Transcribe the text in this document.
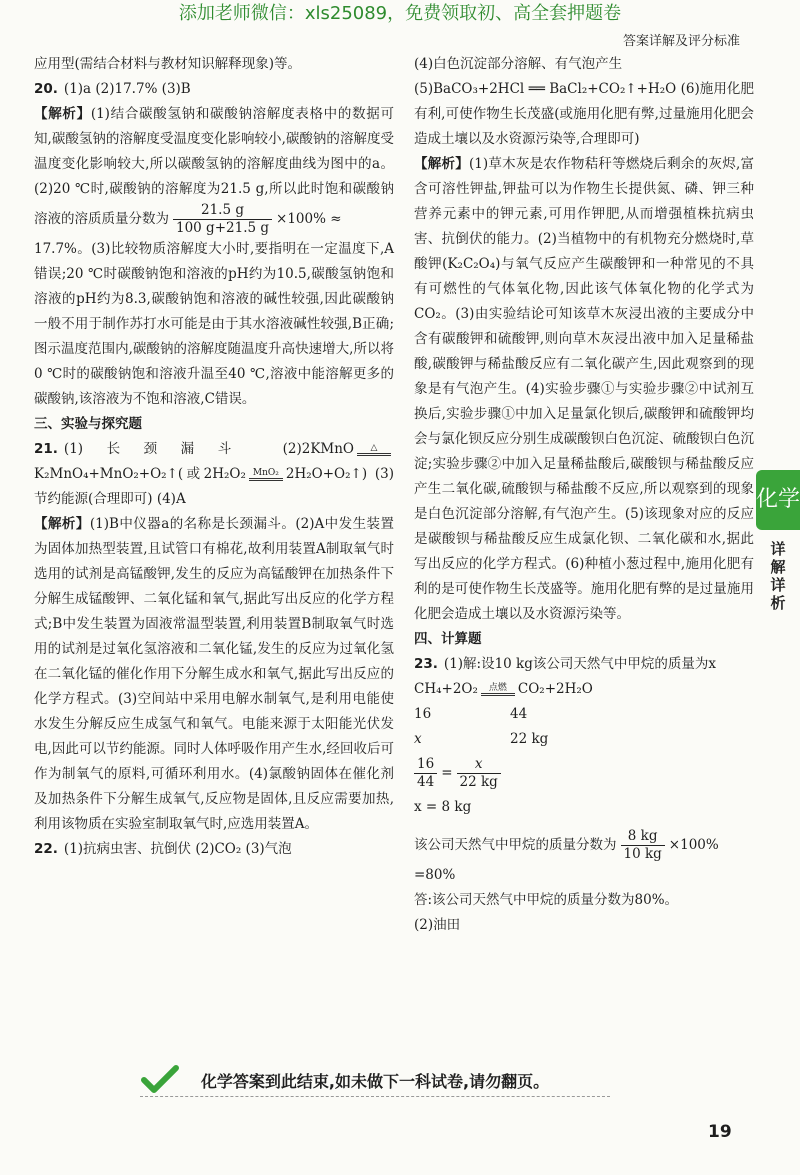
添加老师微信：xls25089，免费领取初、高全套押题卷
答案详解及评分标准

应用型(需结合材料与教材知识解释现象)等。

20. (1)a (2)17.7% (3)B

【解析】(1)结合碳酸氢钠和碳酸钠溶解度表格中的数据可知,碳酸氢钠的溶解度受温度变化影响较小,碳酸钠的溶解度受温度变化影响较大,所以碳酸氢钠的溶解度曲线为图中的a。(2)20 ℃时,碳酸钠的溶解度为21.5 g,所以此时饱和碳酸钠溶液的溶质质量分数为 $\frac{21.5 g}{100 g+21.5 g} \times 100\%$ ≈

17.7%。(3)比较物质溶解度大小时,要指明在一定温度下,A错误;20 ℃时碳酸钠饱和溶液的pH约为10.5,碳酸氢钠饱和溶液的pH约为8.3,碳酸钠饱和溶液的碱性较强,因此碳酸钠一般不用于制作苏打水可能是由于其水溶液碱性较强,B正确;图示温度范围内,碳酸钠的溶解度随温度升高快速增大,所以将0 ℃时的碳酸钠饱和溶液升温至40 ℃,溶液中能溶解更多的碳酸钠,该溶液为不饱和溶液,C错误。

三、实验与探究题

21. (1)长颈漏斗 (2)2KMnO	△
K₂MnO₄+MnO₂+O₂↑(或2H₂O₂ MnO₂ 2H₂O+O₂↑) (3)节约能源(合理即可) (4)A

【解析】(1)B中仪器a的名称是长颈漏斗。(2)A中发生装置为固体加热型装置,且试管口有棉花,故利用装置A制取氧气时选用的试剂是高锰酸钾,发生的反应为高锰酸钾在加热条件下分解生成锰酸钾、二氧化锰和氧气,据此写出反应的化学方程式;B中发生装置为固液常温型装置,利用装置B制取氧气时选用的试剂是过氧化氢溶液和二氧化锰,发生的反应为过氧化氢在二氧化锰的催化作用下分解生成水和氧气,据此写出反应的化学方程式。(3)空间站中采用电解水制氧气,是利用电能使水发生分解反应生成氢气和氧气。电能来源于太阳能光伏发电,因此可以节约能源。同时人体呼吸作用产生水,经回收后可作为制氧气的原料,可循环利用水。(4)氯酸钠固体在催化剂及加热条件下分解生成氧气,反应物是固体,且反应需要加热,利用该物质在实验室制取氧气时,应选用装置A。

22. (1)抗病虫害、抗倒伏 (2)CO₂ (3)气泡

(4)白色沉淀部分溶解、有气泡产生

(5)BaCO₃+2HCl ══ BaCl₂+CO₂↑+H₂O (6)施用化肥有利,可使作物生长茂盛(或施用化肥有弊,过量施用化肥会造成土壤以及水资源污染等,合理即可)

【解析】(1)草木灰是农作物秸秆等燃烧后剩余的灰烬,富含可溶性钾盐,钾盐可以为作物生长提供氮、磷、钾三种营养元素中的钾元素,可用作钾肥,从而增强植株抗病虫害、抗倒伏的能力。(2)当植物中的有机物充分燃烧时,草酸钾(K₂C₂O₄)与氧气反应产生碳酸钾和一种常见的不具有可燃性的气体氧化物,因此该气体氧化物的化学式为CO₂。(3)由实验结论可知该草木灰浸出液的主要成分中含有碳酸钾和硫酸钾,则向草木灰浸出液中加入足量稀盐酸,碳酸钾与稀盐酸反应有二氧化碳产生,因此观察到的现象是有气泡产生。(4)实验步骤①与实验步骤②中试剂互换后,实验步骤①中加入足量氯化钡后,碳酸钾和硫酸钾均会与氯化钡反应分别生成碳酸钡白色沉淀、硫酸钡白色沉淀;实验步骤②中加入足量稀盐酸后,碳酸钡与稀盐酸反应产生二氧化碳,硫酸钡与稀盐酸不反应,所以观察到的现象是白色沉淀部分溶解,有气泡产生。(5)该现象对应的反应是碳酸钡与稀盐酸反应生成氯化钡、二氧化碳和水,据此写出反应的化学方程式。(6)种植小葱过程中,施用化肥有利的是可使作物生长茂盛等。施用化肥有弊的是过量施用化肥会造成土壤以及水资源污染等。

四、计算题

23. (1)解:设10 kg该公司天然气中甲烷的质量为x

CH₄+2O₂	点燃 CO₂+2H₂O

16	44

x	22 kg

$\frac{16}{44} = \frac{x}{22 kg}$

x = 8 kg

该公司天然气中甲烷的质量分数为 $\frac{8 kg}{10 kg} \times 100\%$

=80%

答:该公司天然气中甲烷的质量分数为80%。

(2)油田

化学
详解详析
化学答案到此结束,如未做下一科试卷,请勿翻页。
19
